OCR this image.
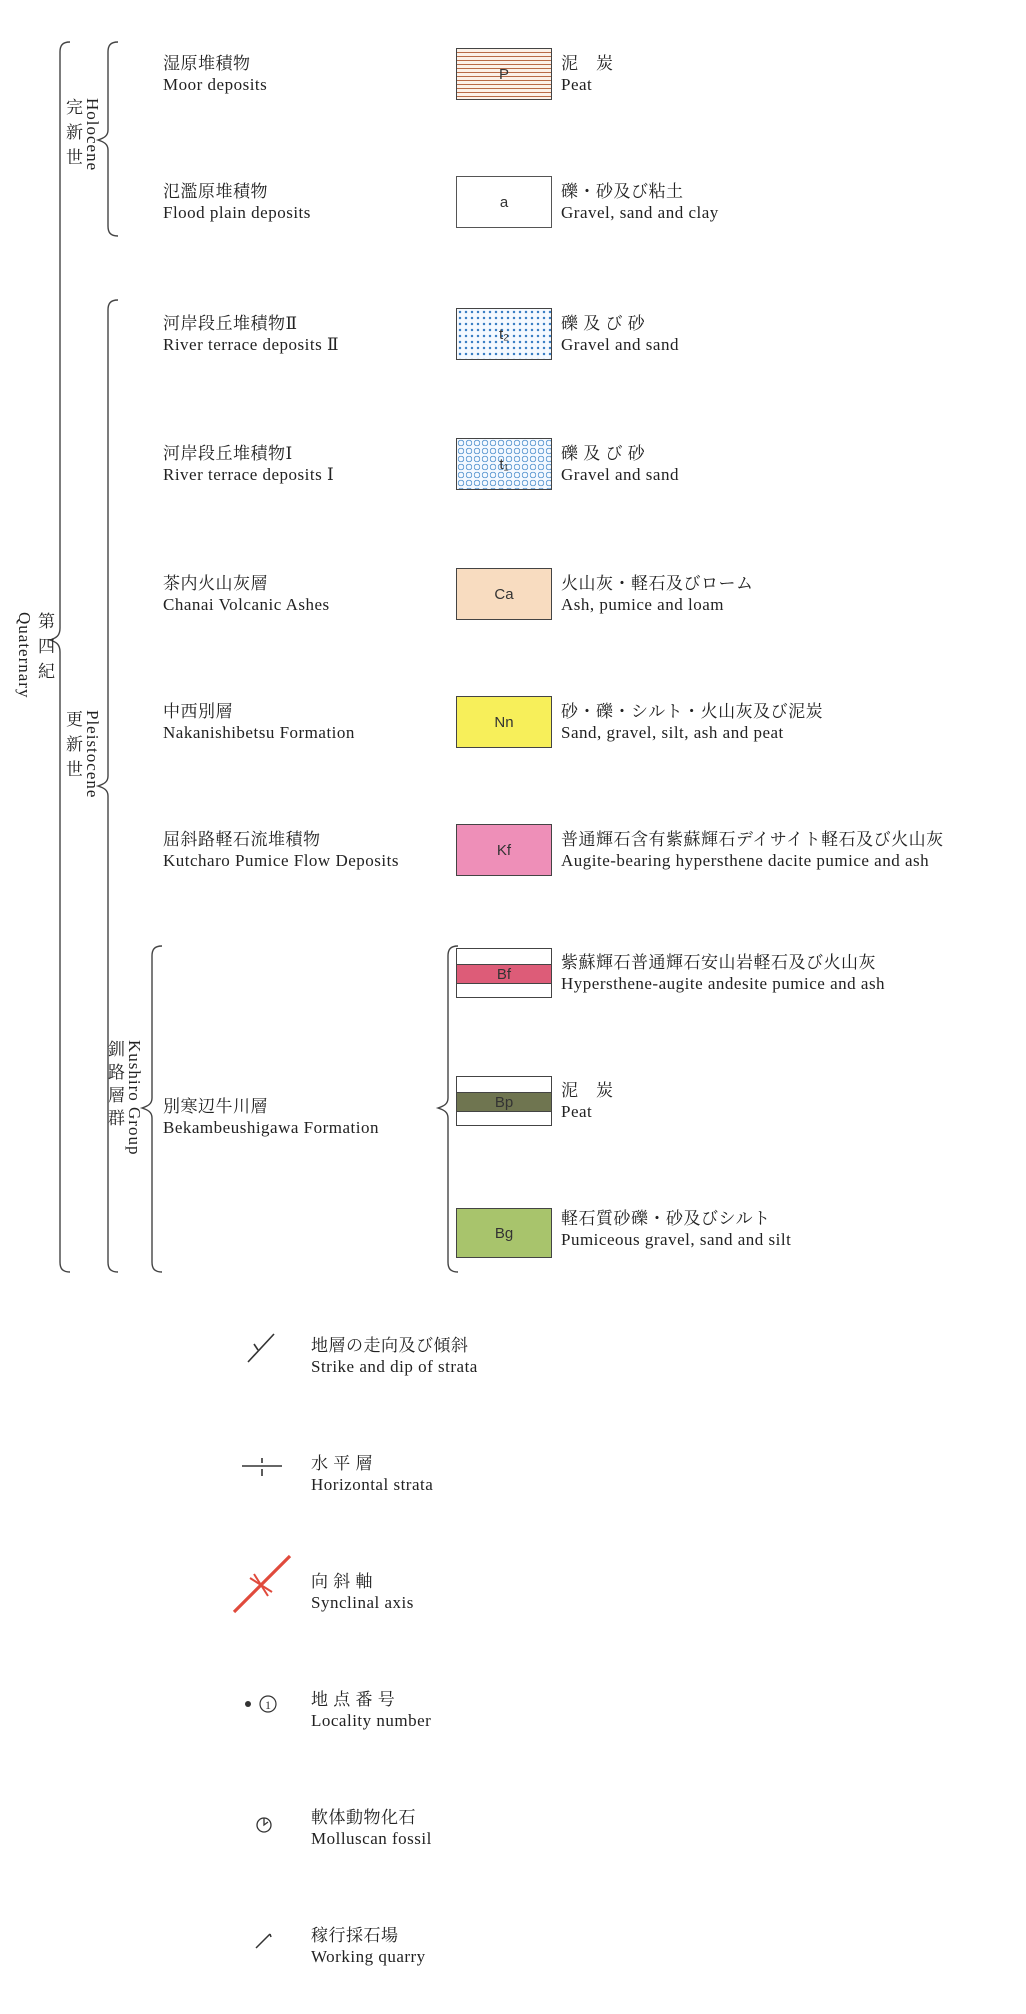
第四紀
Holocene
完新世
Pleistocene
更新世
Kushiro Group
釧路層群
Quaternary
湿原堆積物
Moor deposits
P
泥　炭
Peat
氾濫原堆積物
Flood plain deposits
a
礫・砂及び粘土
Gravel, sand and clay
河岸段丘堆積物Ⅱ
River terrace deposits Ⅱ
t₂
礫 及 び 砂
Gravel and sand
河岸段丘堆積物Ⅰ
River terrace deposits Ⅰ
t₁
礫 及 び 砂
Gravel and sand
茶内火山灰層
Chanai Volcanic Ashes
Ca
火山灰・軽石及びローム
Ash, pumice and loam
中西別層
Nakanishibetsu Formation
Nn
砂・礫・シルト・火山灰及び泥炭
Sand, gravel, silt, ash and peat
屈斜路軽石流堆積物
Kutcharo Pumice Flow Deposits
Kf
普通輝石含有紫蘇輝石デイサイト軽石及び火山灰
Augite-bearing hypersthene dacite pumice and ash
別寒辺牛川層
Bekambeushigawa Formation
Bf
紫蘇輝石普通輝石安山岩軽石及び火山灰
Hypersthene-augite andesite pumice and ash
Bp
泥　炭
Peat
Bg
軽石質砂礫・砂及びシルト
Pumiceous gravel, sand and silt
地層の走向及び傾斜
Strike and dip of strata
水 平 層
Horizontal strata
向 斜 軸
Synclinal axis
1 地 点 番 号
Locality number
軟体動物化石
Molluscan fossil
稼行採石場
Working quarry
